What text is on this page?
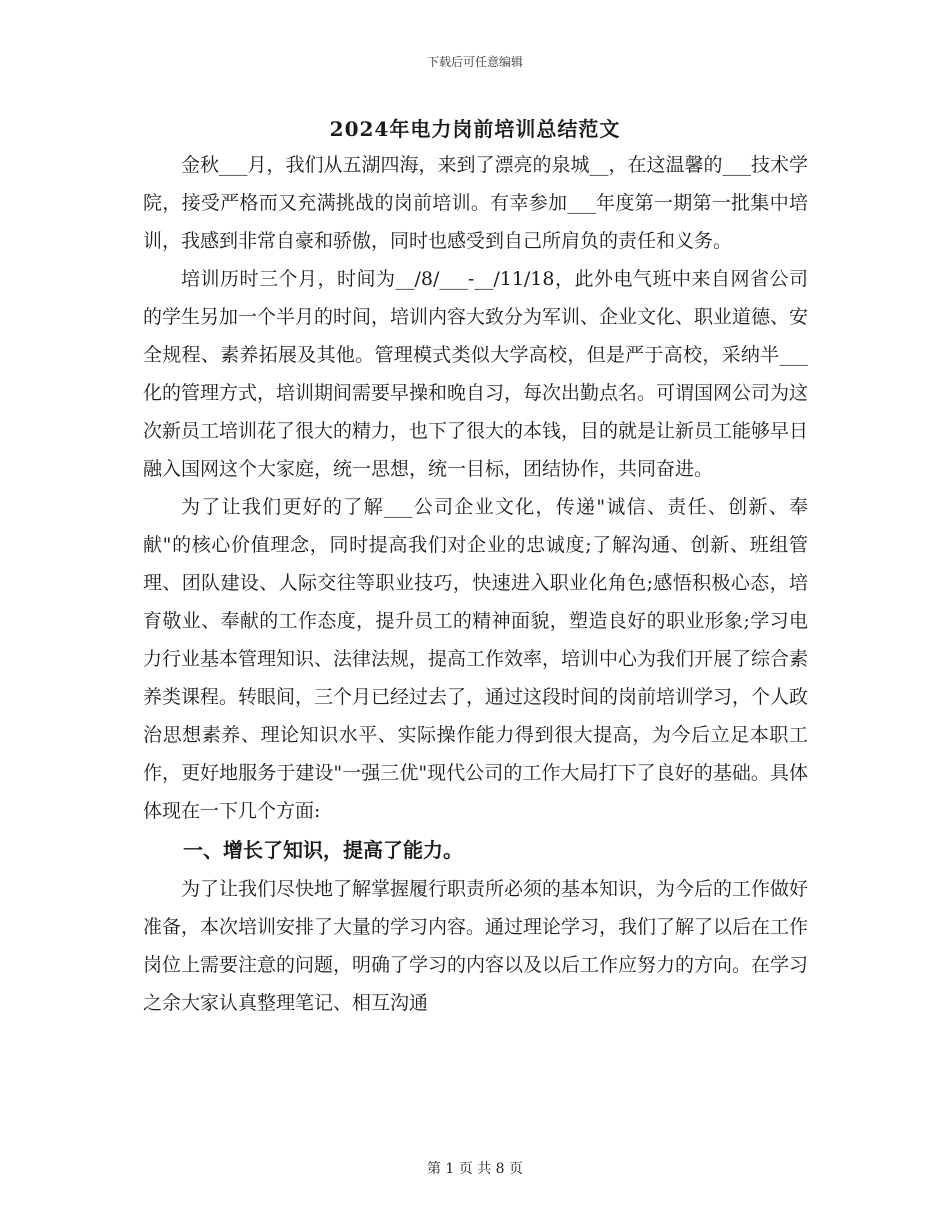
下载后可任意编辑
2024年电力岗前培训总结范文

金秋___月，我们从五湖四海，来到了漂亮的泉城__，在这温馨的___技术学院，接受严格而又充满挑战的岗前培训。有幸参加___年度第一期第一批集中培训，我感到非常自豪和骄傲，同时也感受到自己所肩负的责任和义务。

培训历时三个月，时间为__/8/___-__/11/18，此外电气班中来自网省公司的学生另加一个半月的时间，培训内容大致分为军训、企业文化、职业道德、安全规程、素养拓展及其他。管理模式类似大学高校，但是严于高校，采纳半___化的管理方式，培训期间需要早操和晚自习，每次出勤点名。可谓国网公司为这次新员工培训花了很大的精力，也下了很大的本钱，目的就是让新员工能够早日融入国网这个大家庭，统一思想，统一目标，团结协作，共同奋进。

为了让我们更好的了解___公司企业文化，传递"诚信、责任、创新、奉献"的核心价值理念，同时提高我们对企业的忠诚度;了解沟通、创新、班组管理、团队建设、人际交往等职业技巧，快速进入职业化角色;感悟积极心态，培育敬业、奉献的工作态度，提升员工的精神面貌，塑造良好的职业形象;学习电力行业基本管理知识、法律法规，提高工作效率，培训中心为我们开展了综合素养类课程。转眼间，三个月已经过去了，通过这段时间的岗前培训学习，个人政治思想素养、理论知识水平、实际操作能力得到很大提高，为今后立足本职工作，更好地服务于建设"一强三优"现代公司的工作大局打下了良好的基础。具体体现在一下几个方面:

一、增长了知识，提高了能力。

为了让我们尽快地了解掌握履行职责所必须的基本知识，为今后的工作做好准备，本次培训安排了大量的学习内容。通过理论学习，我们了解了以后在工作岗位上需要注意的问题，明确了学习的内容以及以后工作应努力的方向。在学习之余大家认真整理笔记、相互沟通

第 1 页 共 8 页
